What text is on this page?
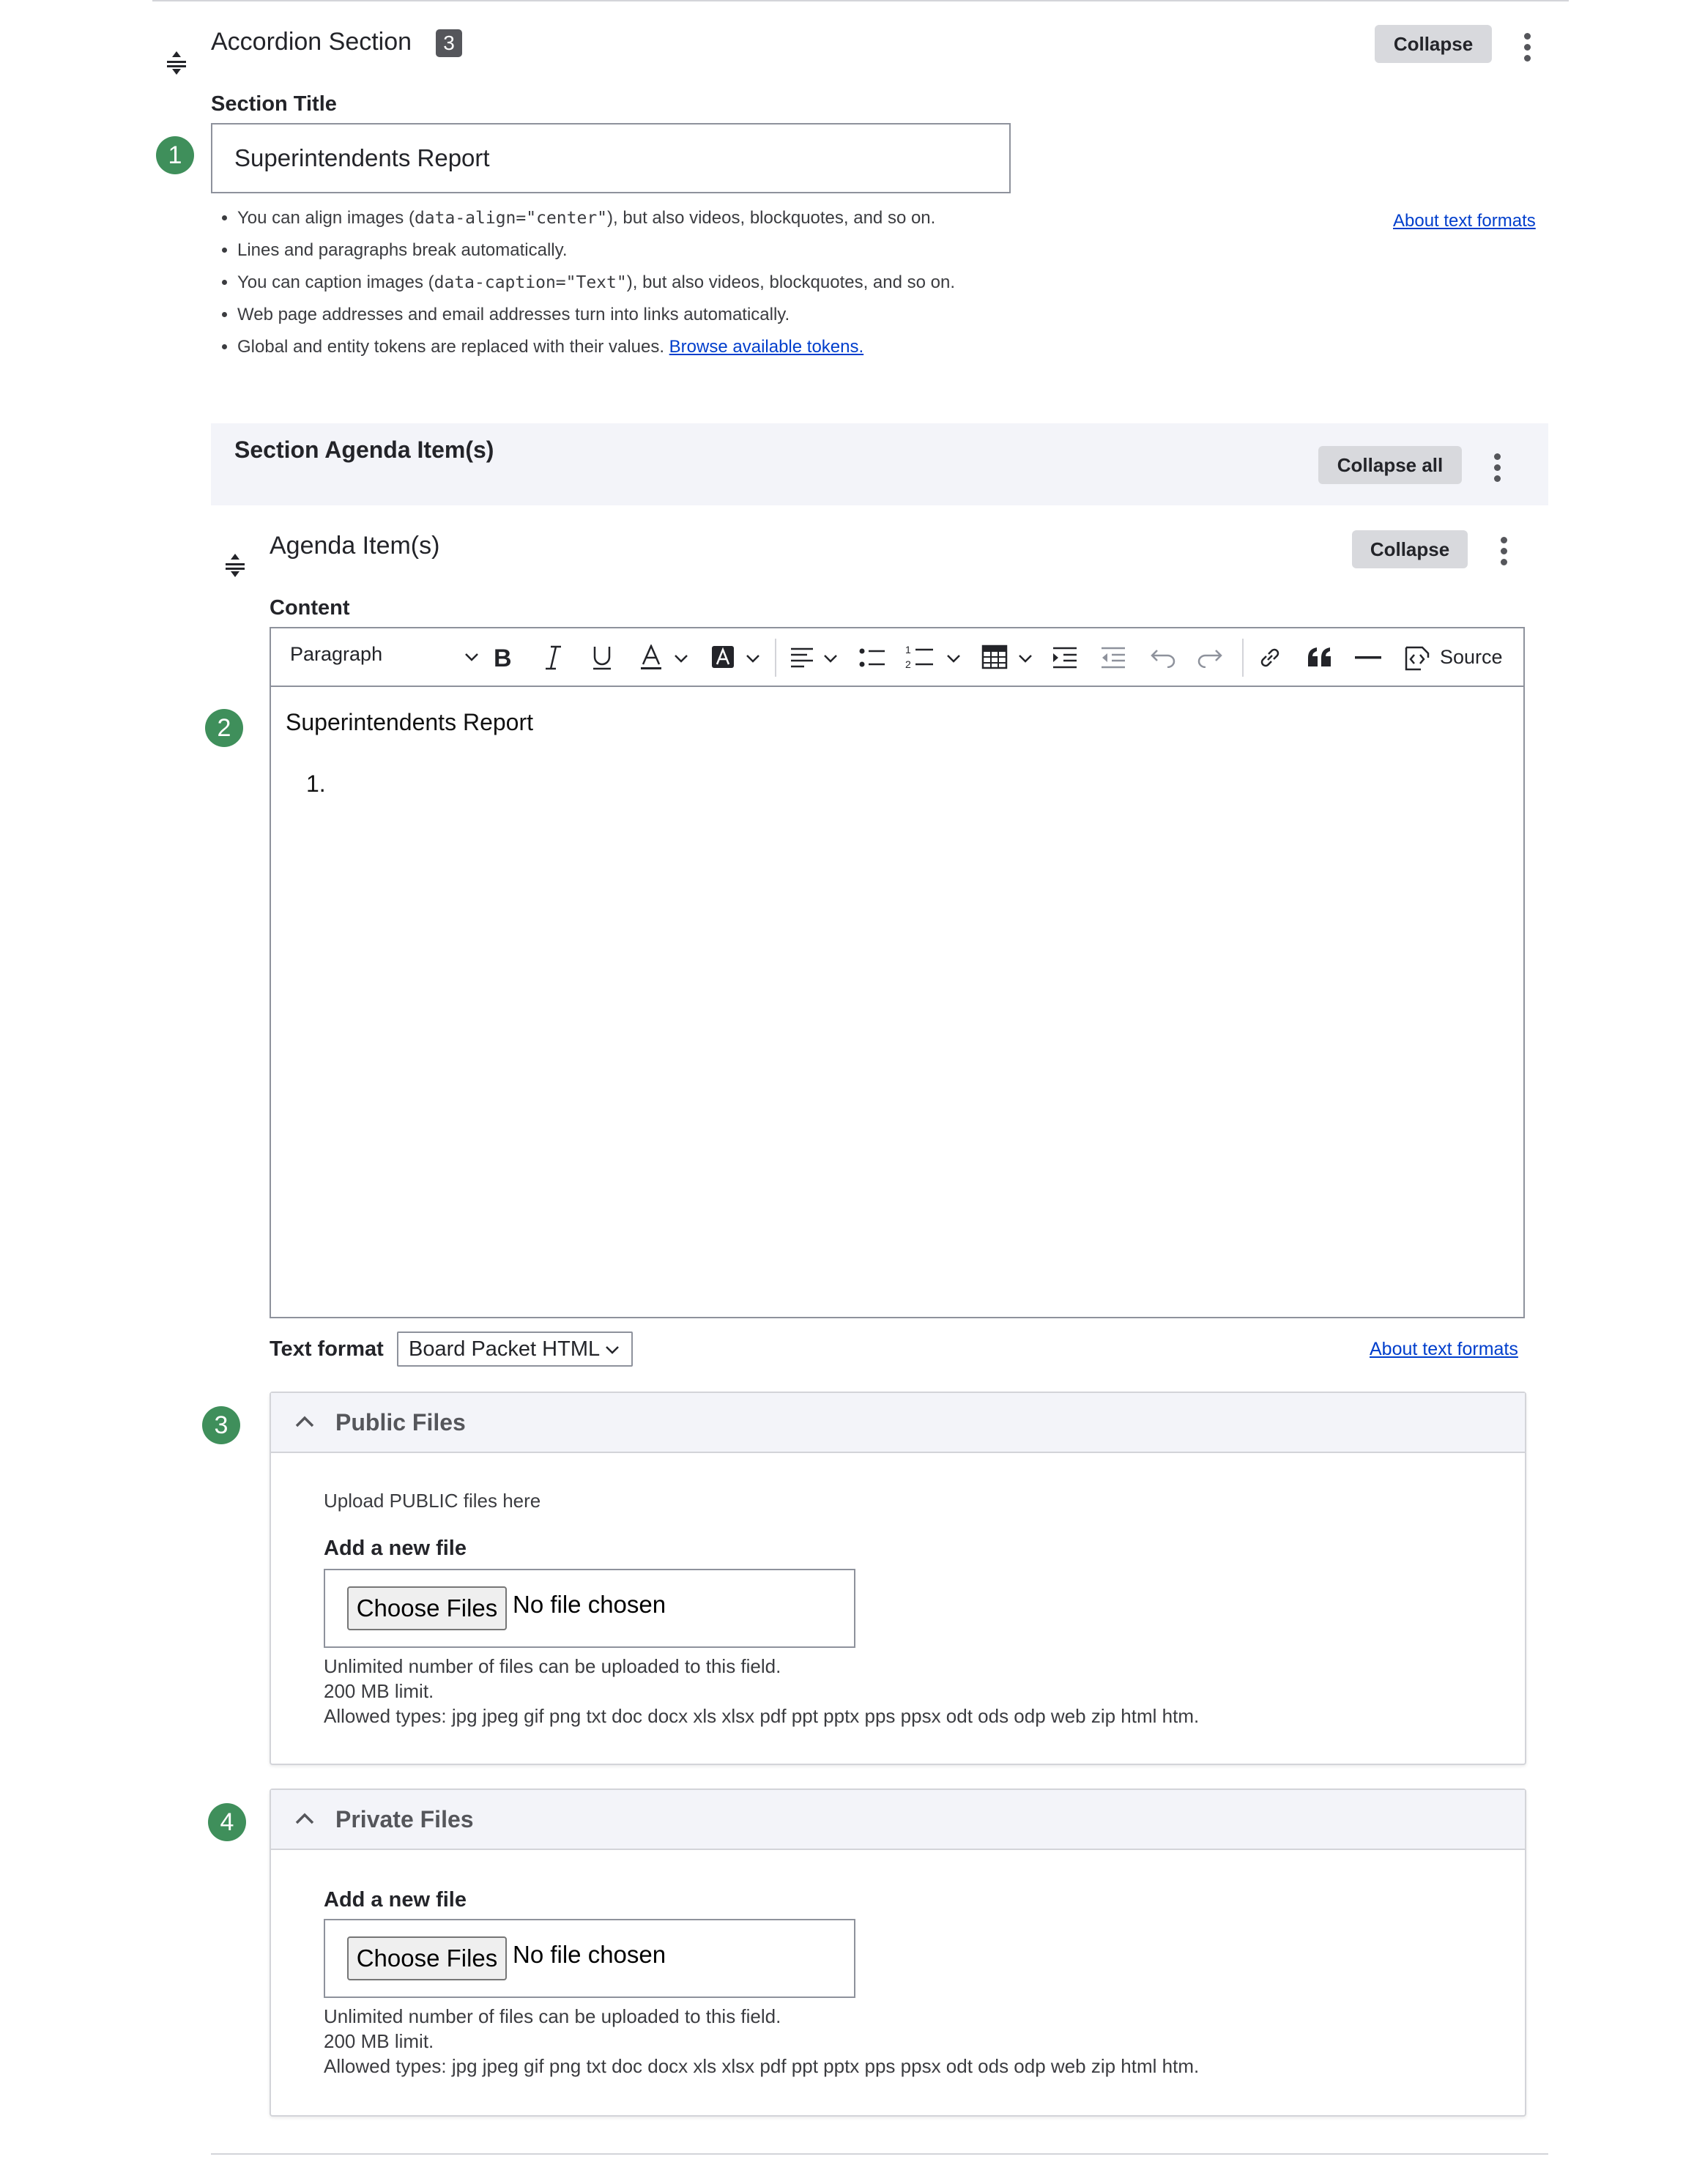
Accordion Section	3	Collapse
Section Title
1	Superintendents Report
About text formats
• You can align images (data-align="center"), but also videos, blockquotes, and so on.
• Lines and paragraphs break automatically.
• You can caption images (data-caption="Text"), but also videos, blockquotes, and so on.
• Web page addresses and email addresses turn into links automatically.
• Global and entity tokens are replaced with their values. Browse available tokens.
Section Agenda Item(s)
Collapse all
Agenda Item(s)	Collapse
Content
2
Paragraph	B	1
2	Source
Superintendents Report
1.
Text format	Board Packet HTML	About text formats
3	Public Files
Upload PUBLIC files here
Add a new file
Choose Files No file chosen
Unlimited number of files can be uploaded to this field.
200 MB limit.
Allowed types: jpg jpeg gif png txt doc docx xls xlsx pdf ppt pptx pps ppsx odt ods odp web zip html htm.
4	Private Files
Add a new file
Choose Files No file chosen
Unlimited number of files can be uploaded to this field.
200 MB limit.
Allowed types: jpg jpeg gif png txt doc docx xls xlsx pdf ppt pptx pps ppsx odt ods odp web zip html htm.
